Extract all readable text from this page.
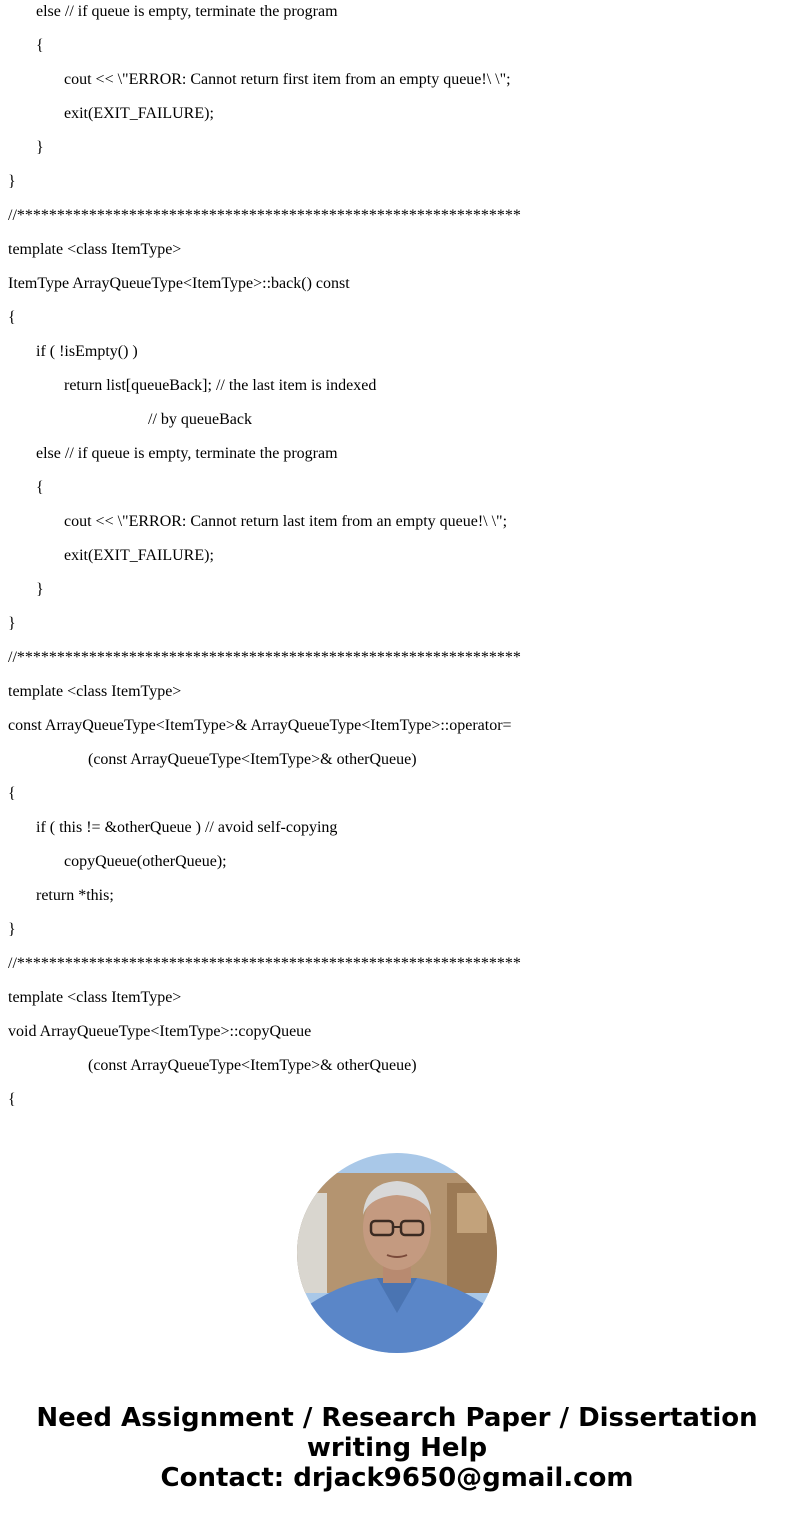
else // if queue is empty, terminate the program
{
cout << \"ERROR: Cannot return first item from an empty queue!\ \";
exit(EXIT_FAILURE);
}
}
//***************************************************************
template <class ItemType>
ItemType ArrayQueueType<ItemType>::back() const
{
if ( !isEmpty() )
return list[queueBack]; // the last item is indexed
// by queueBack
else // if queue is empty, terminate the program
{
cout << \"ERROR: Cannot return last item from an empty queue!\ \";
exit(EXIT_FAILURE);
}
}
//***************************************************************
template <class ItemType>
const ArrayQueueType<ItemType>& ArrayQueueType<ItemType>::operator=
(const ArrayQueueType<ItemType>& otherQueue)
{
if ( this != &otherQueue ) // avoid self-copying
copyQueue(otherQueue);
return *this;
}
//***************************************************************
template <class ItemType>
void ArrayQueueType<ItemType>::copyQueue
(const ArrayQueueType<ItemType>& otherQueue)
{
Need Assignment / Research Paper / Dissertation
writing Help
Contact: drjack9650@gmail.com
